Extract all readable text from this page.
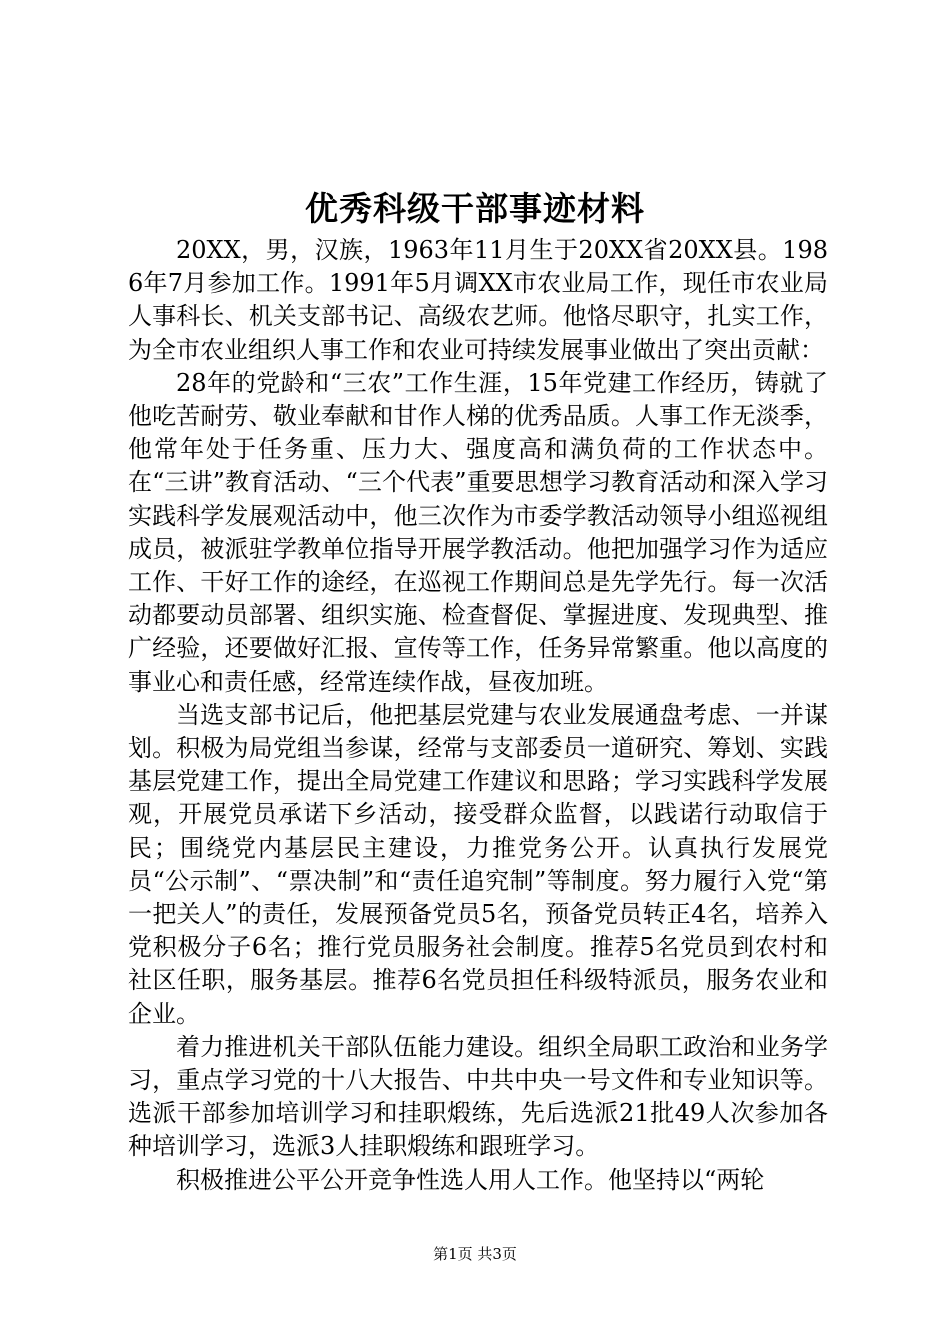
优秀科级干部事迹材料

20XX，男，汉族，1963年11月生于20XX省20XX县。1986年7月参加工作。1991年5月调XX市农业局工作，现任市农业局人事科长、机关支部书记、高级农艺师。他恪尽职守，扎实工作，为全市农业组织人事工作和农业可持续发展事业做出了突出贡献：

28年的党龄和“三农”工作生涯，15年党建工作经历，铸就了他吃苦耐劳、敬业奉献和甘作人梯的优秀品质。人事工作无淡季，他常年处于任务重、压力大、强度高和满负荷的工作状态中。在“三讲”教育活动、“三个代表”重要思想学习教育活动和深入学习实践科学发展观活动中，他三次作为市委学教活动领导小组巡视组成员，被派驻学教单位指导开展学教活动。他把加强学习作为适应工作、干好工作的途经，在巡视工作期间总是先学先行。每一次活动都要动员部署、组织实施、检查督促、掌握进度、发现典型、推广经验，还要做好汇报、宣传等工作，任务异常繁重。他以高度的事业心和责任感，经常连续作战，昼夜加班。

当选支部书记后，他把基层党建与农业发展通盘考虑、一并谋划。积极为局党组当参谋，经常与支部委员一道研究、筹划、实践基层党建工作，提出全局党建工作建议和思路；学习实践科学发展观，开展党员承诺下乡活动，接受群众监督，以践诺行动取信于民；围绕党内基层民主建设，力推党务公开。认真执行发展党员“公示制”、“票决制”和“责任追究制”等制度。努力履行入党“第一把关人”的责任，发展预备党员5名，预备党员转正4名，培养入党积极分子6名；推行党员服务社会制度。推荐5名党员到农村和社区任职，服务基层。推荐6名党员担任科级特派员，服务农业和企业。

着力推进机关干部队伍能力建设。组织全局职工政治和业务学习，重点学习党的十八大报告、中共中央一号文件和专业知识等。选派干部参加培训学习和挂职煅练，先后选派21批49人次参加各种培训学习，选派3人挂职煅练和跟班学习。

积极推进公平公开竞争性选人用人工作。他坚持以“两轮

第1页 共3页
